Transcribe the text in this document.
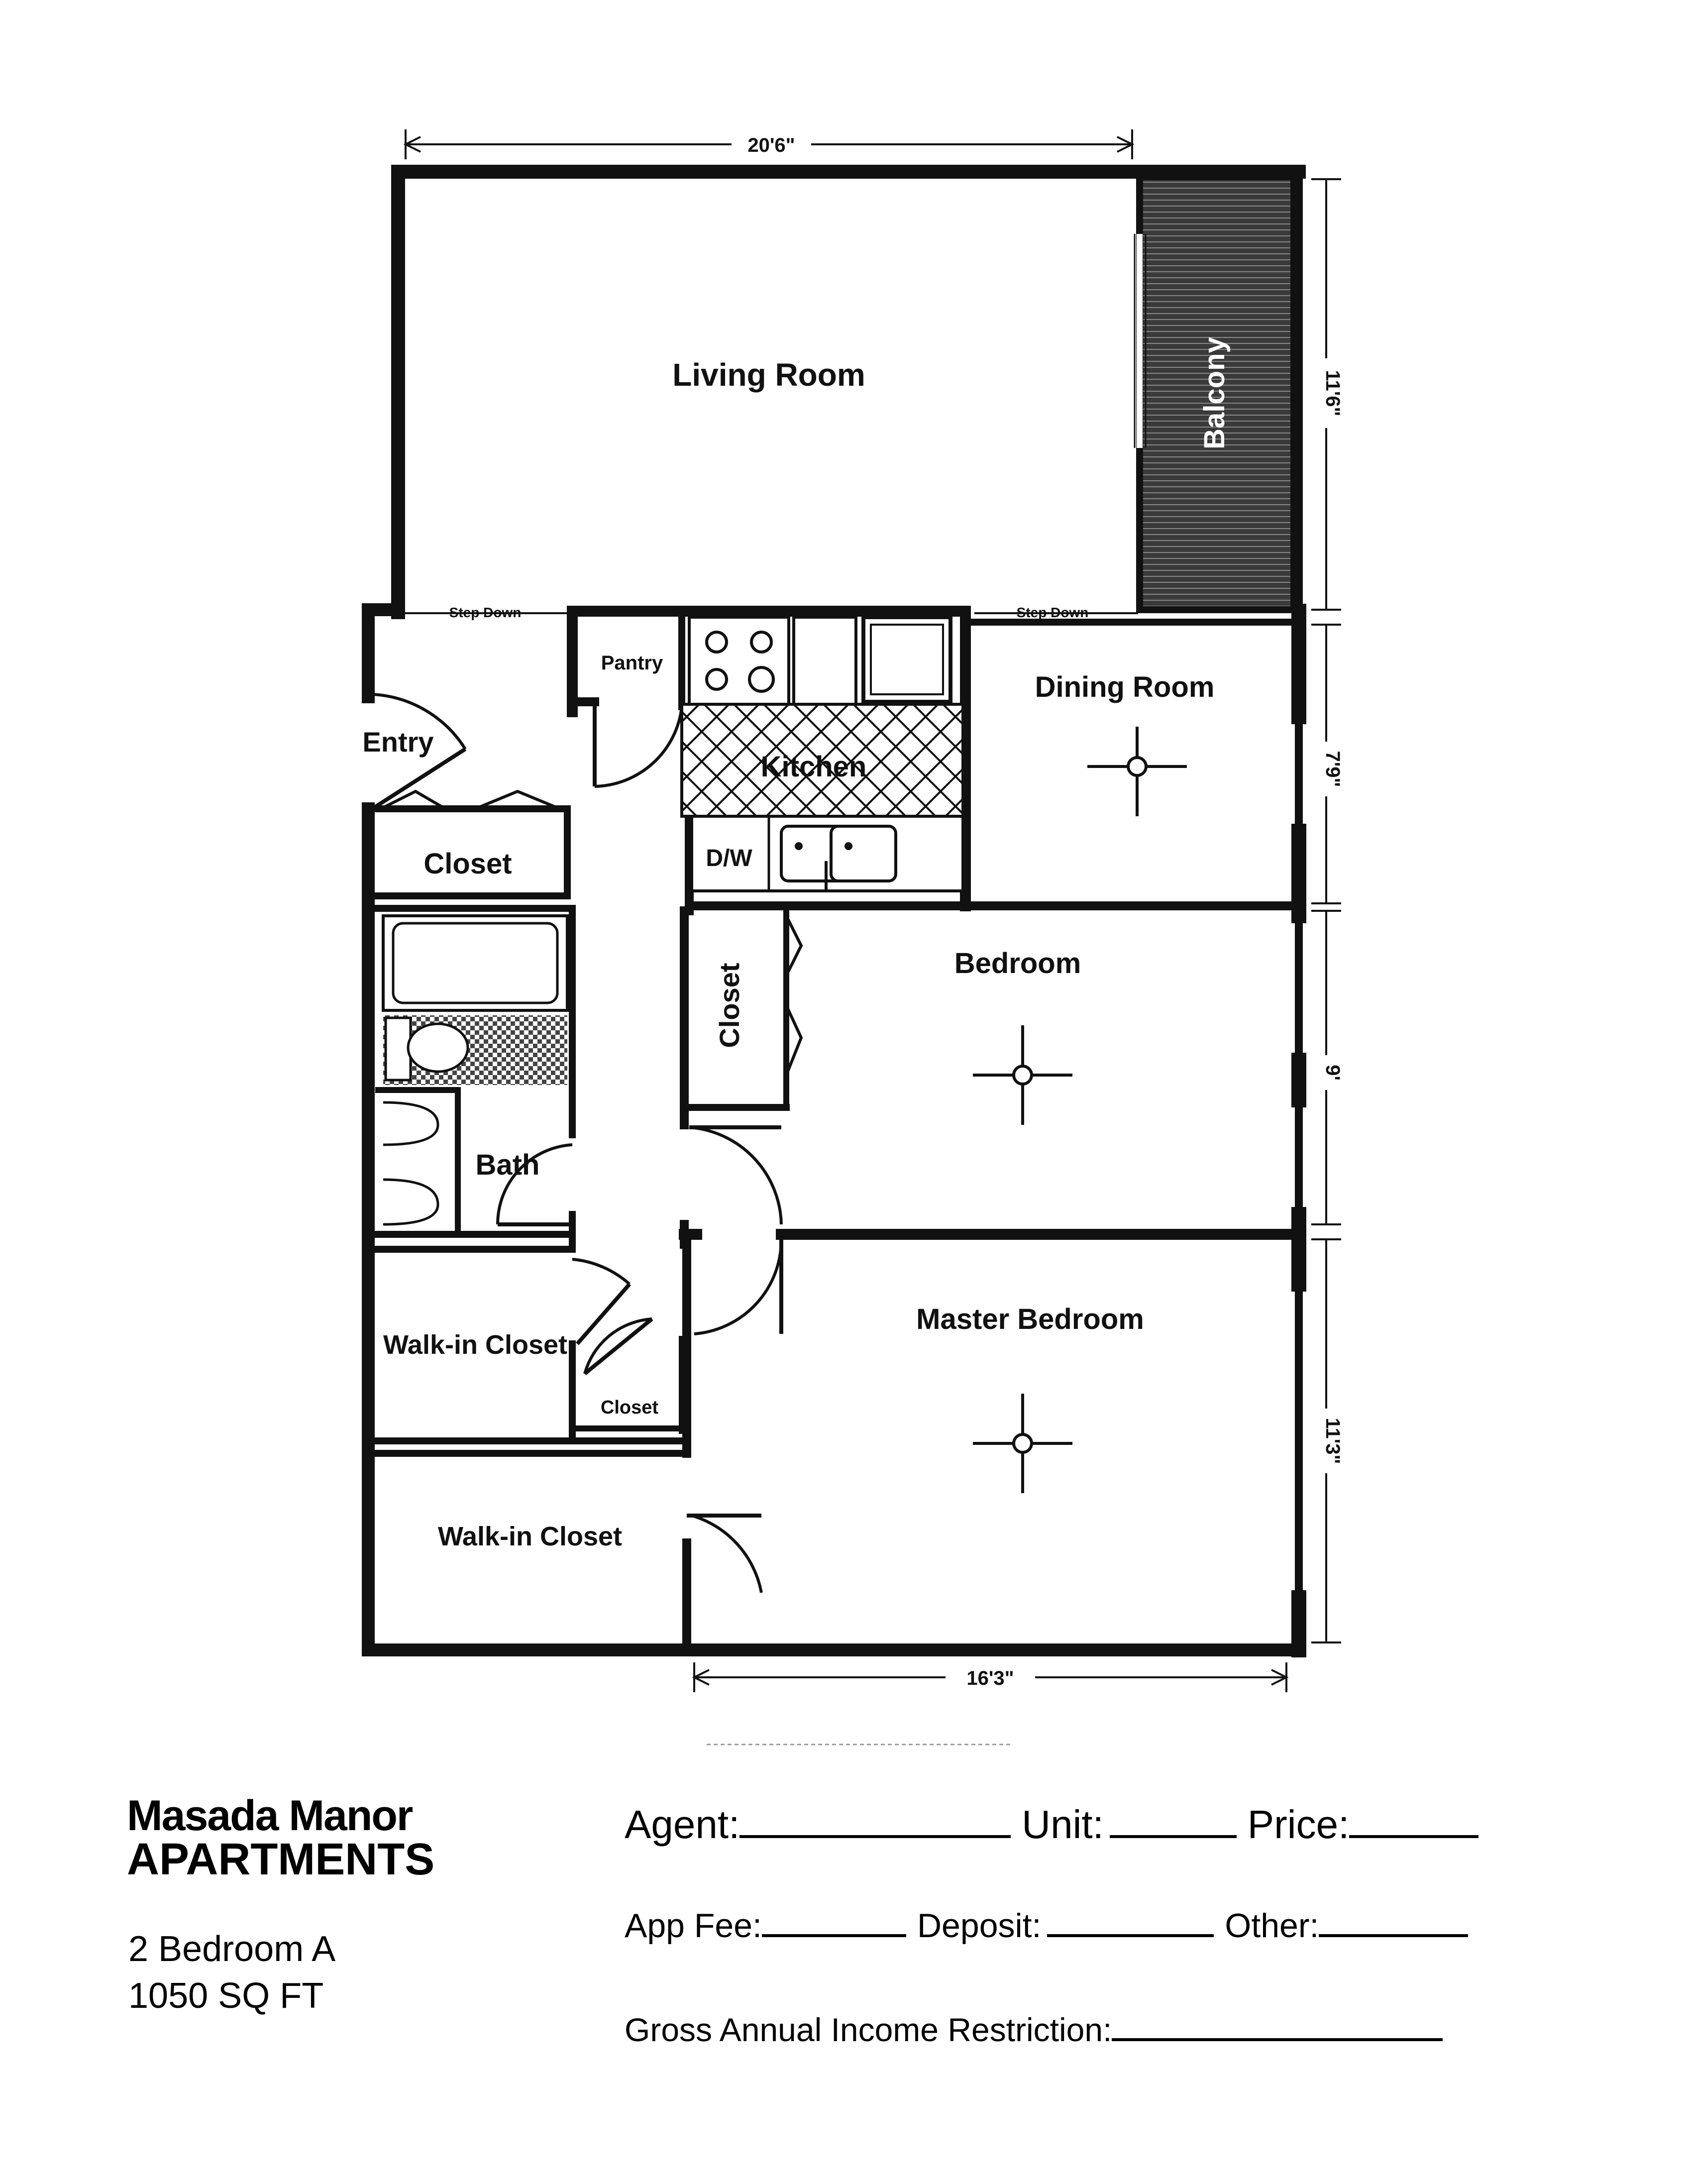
20'6"
11'6"
7'9"
9'
11'3"
16'3"
Step Down	Step Down
Living Room	Balcony
Dining Room
Kitchen
Pantry
D/W
Entry
Closet
Bath
Closet	Bedroom
Walk-in Closet
Closet
Walk-in Closet
Master Bedroom
Masada Manor
APARTMENTS
2 Bedroom A
1050 SQ FT
Agent:	Unit:	Price:
App Fee:	Deposit:	Other:
Gross Annual Income Restriction:
